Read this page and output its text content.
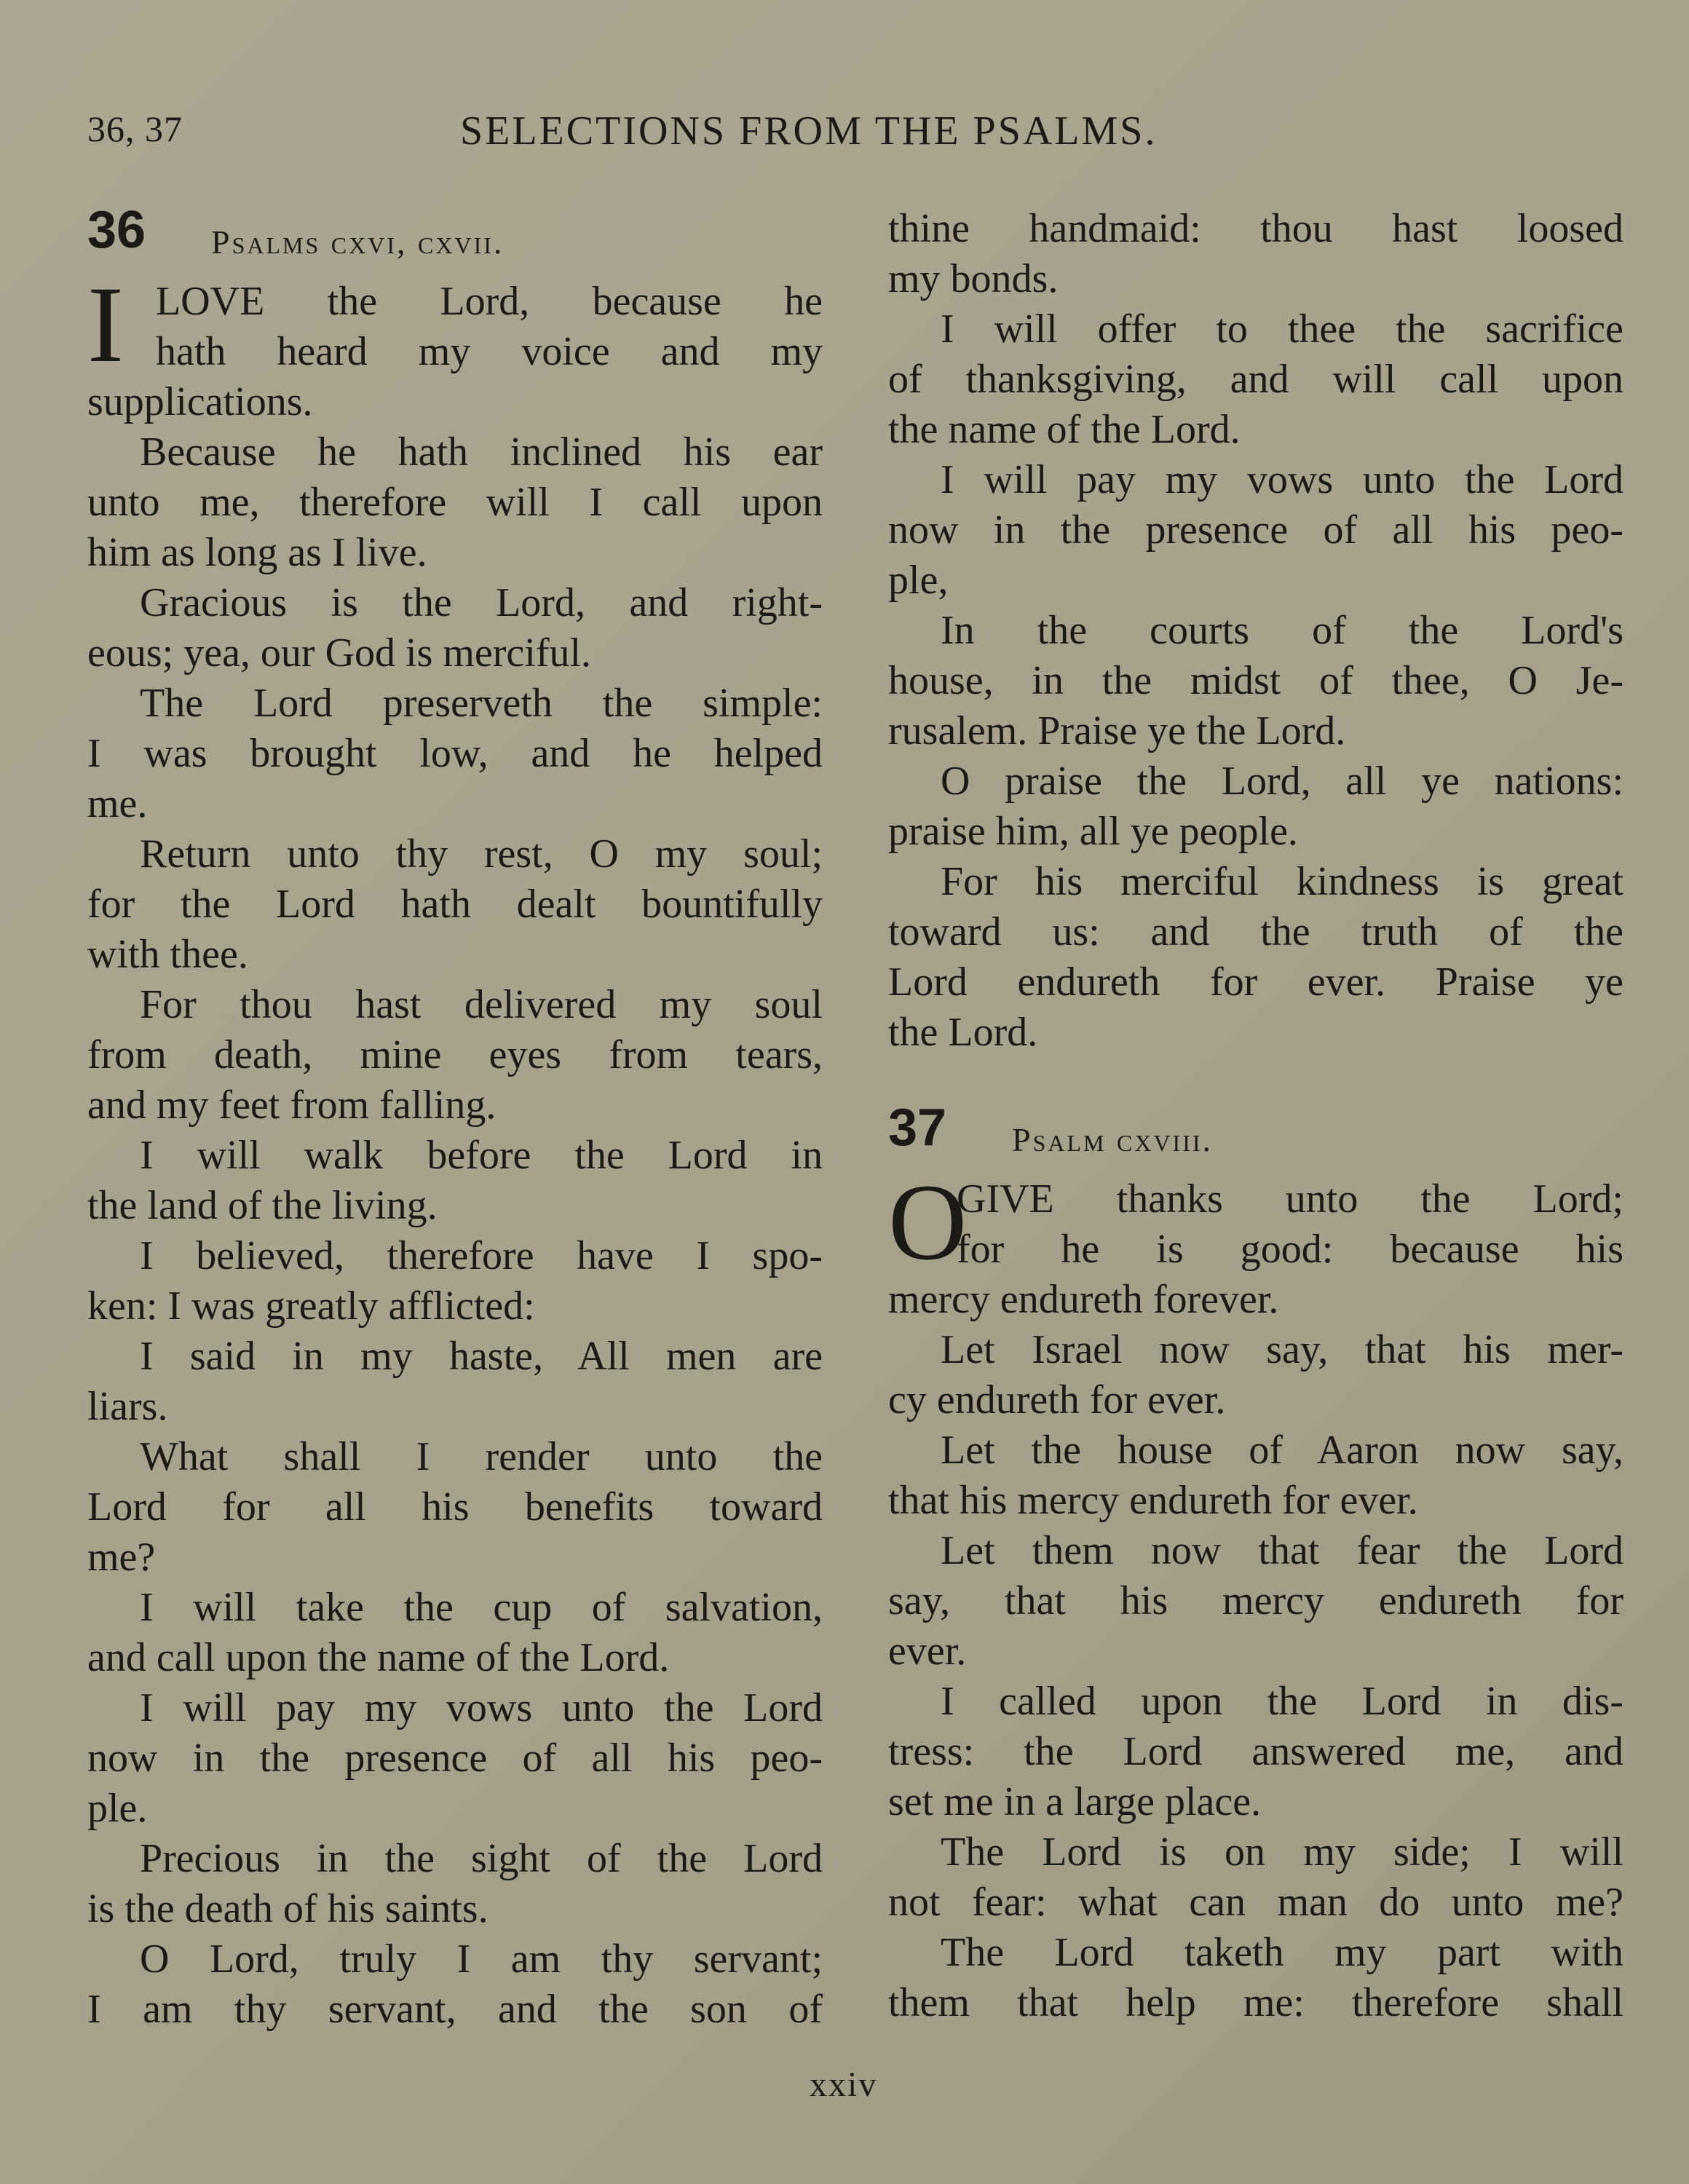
36, 37	SELECTIONS FROM THE PSALMS.
36 Psalms cxvi, cxvii.
I LOVE the Lord, because he
hath heard my voice and my
supplications.
Because he hath inclined his ear
unto me, therefore will I call upon
him as long as I live.
Gracious is the Lord, and right-
eous; yea, our God is merciful.
The Lord preserveth the simple:
I was brought low, and he helped
me.
Return unto thy rest, O my soul;
for the Lord hath dealt bountifully
with thee.
For thou hast delivered my soul
from death, mine eyes from tears,
and my feet from falling.
I will walk before the Lord in
the land of the living.
I believed, therefore have I spo-
ken: I was greatly afflicted:
I said in my haste, All men are
liars.
What shall I render unto the
Lord for all his benefits toward
me?
I will take the cup of salvation,
and call upon the name of the Lord.
I will pay my vows unto the Lord
now in the presence of all his peo-
ple.
Precious in the sight of the Lord
is the death of his saints.
O Lord, truly I am thy servant;
I am thy servant, and the son of
thine handmaid: thou hast loosed
my bonds.
I will offer to thee the sacrifice
of thanksgiving, and will call upon
the name of the Lord.
I will pay my vows unto the Lord
now in the presence of all his peo-
ple,
In the courts of the Lord's
house, in the midst of thee, O Je-
rusalem. Praise ye the Lord.
O praise the Lord, all ye nations:
praise him, all ye people.
For his merciful kindness is great
toward us: and the truth of the
Lord endureth for ever. Praise ye
the Lord.
37 Psalm cxviii.
O
GIVE thanks unto the Lord;
for he is good: because his
mercy endureth forever.
Let Israel now say, that his mer-
cy endureth for ever.
Let the house of Aaron now say,
that his mercy endureth for ever.
Let them now that fear the Lord
say, that his mercy endureth for
ever.
I called upon the Lord in dis-
tress: the Lord answered me, and
set me in a large place.
The Lord is on my side; I will
not fear: what can man do unto me?
The Lord taketh my part with
them that help me: therefore shall
xxiv
